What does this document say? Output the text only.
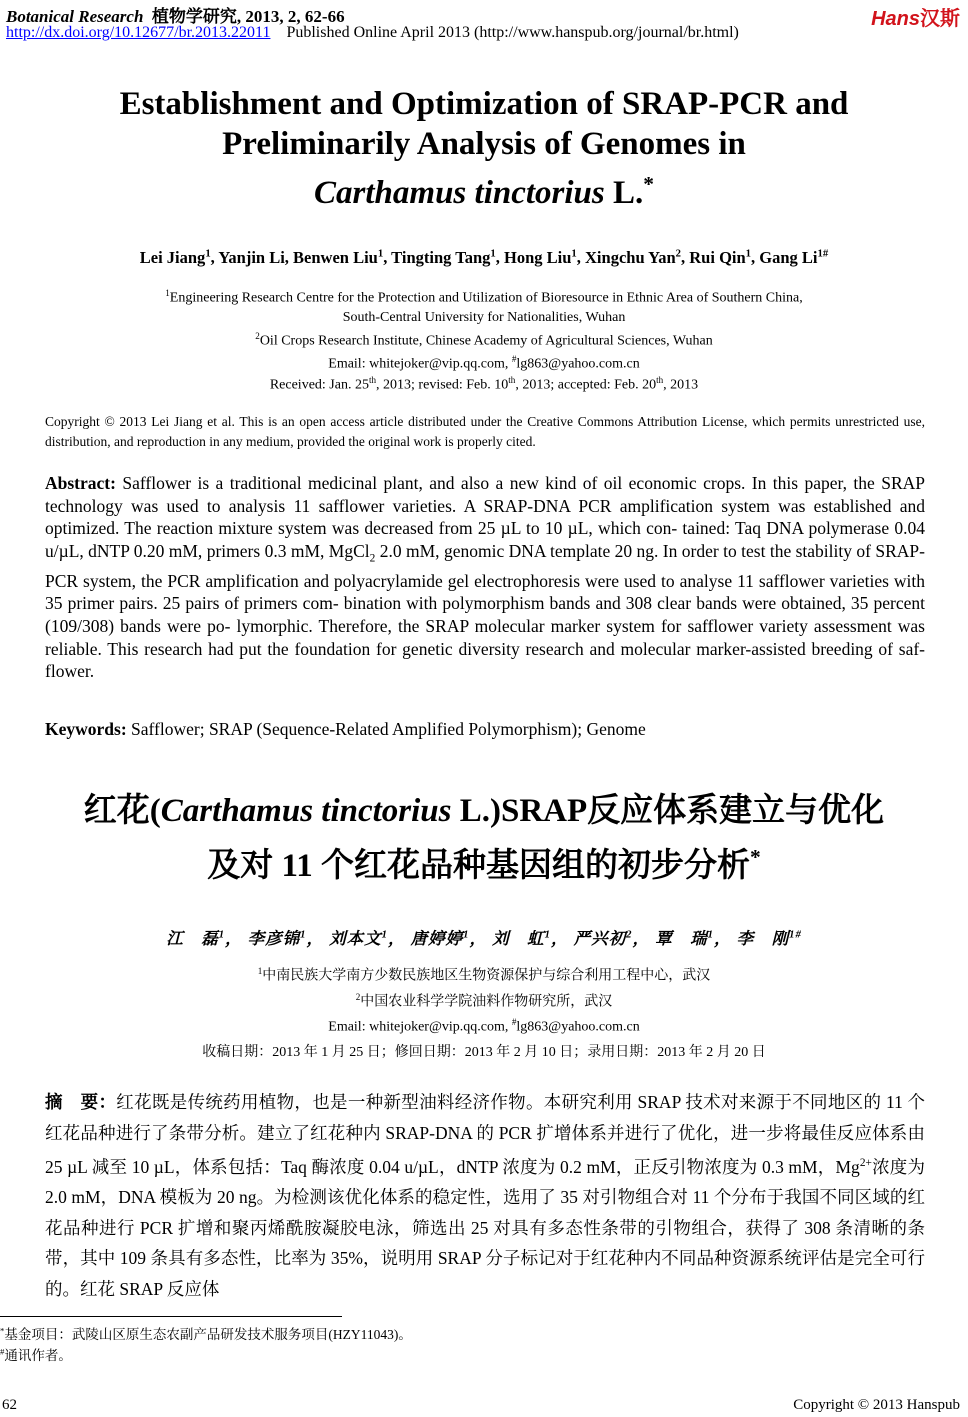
Botanical Research 植物学研究, 2013, 2, 62-66
http://dx.doi.org/10.12677/br.2013.22011 Published Online April 2013 (http://www.hanspub.org/journal/br.html)
Hans汉斯
Establishment and Optimization of SRAP-PCR and
Preliminarily Analysis of Genomes in
Carthamus tinctorius L.*
Lei Jiang$^1$, Yanjin Li, Benwen Liu$^1$, Tingting Tang$^1$, Hong Liu$^1$, Xingchu Yan$^2$, Rui Qin$^1$, Gang $Li^{1\#}$
$^1$Engineering Research Centre for the Protection and Utilization of Bioresource in Ethnic Area of Southern China,
South-Central University for Nationalities, Wuhan
$^2$Oil Crops Research Institute, Chinese Academy of Agricultural Sciences, Wuhan
Email: whitejoker@vip.qq.com, #lg863@yahoo.com.cn
Received: Jan. 25th, 2013; revised: Feb. 10th, 2013; accepted: Feb. 20th, 2013
Copyright © 2013 Lei Jiang et al. This is an open access article distributed under the Creative Commons Attribution License, which permits unrestricted use, distribution, and reproduction in any medium, provided the original work is properly cited.
Abstract: Safflower is a traditional medicinal plant, and also a new kind of oil economic crops. In this paper, the SRAP technology was used to analysis 11 safflower varieties. A SRAP-DNA PCR amplification system was established and optimized. The reaction mixture system was decreased from 25 µL to 10 µL, which con- tained: Taq DNA polymerase 0.04 u/µL, dNTP 0.20 mM, primers 0.3 mM, MgCl$_2$ 2.0 mM, genomic DNA template 20 ng. In order to test the stability of SRAP-PCR system, the PCR amplification and polyacrylamide gel electrophoresis were used to analyse 11 safflower varieties with 35 primer pairs. 25 pairs of primers com- bination with polymorphism bands and 308 clear bands were obtained, 35 percent (109/308) bands were po- lymorphic. Therefore, the SRAP molecular marker system for safflower variety assessment was reliable. This research had put the foundation for genetic diversity research and molecular marker-assisted breeding of saf- flower.
Keywords: Safflower; SRAP (Sequence-Related Amplified Polymorphism); Genome
红花(Carthamus tinctorius L.)SRAP反应体系建立与优化
及对 11 个红花品种基因组的初步分析*
江　磊$^1$， 李彦锦$^1$， 刘本文$^1$， 唐婷婷$^1$， 刘　虹$^1$， 严兴初$^2$， 覃　瑞$^1$， 李　刚$^{1\#}$
$^1$中南民族大学南方少数民族地区生物资源保护与综合利用工程中心，武汉
$^2$中国农业科学学院油料作物研究所，武汉
Email: whitejoker@vip.qq.com, #lg863@yahoo.com.cn
收稿日期：2013 年 1 月 25 日；修回日期：2013 年 2 月 10 日；录用日期：2013 年 2 月 20 日
摘　要：红花既是传统药用植物，也是一种新型油料经济作物。本研究利用 SRAP 技术对来源于不同地区的 11 个红花品种进行了条带分析。建立了红花种内 SRAP-DNA 的 PCR 扩增体系并进行了优化，进一步将最佳反应体系由 25 µL 减至 10 µL，体系包括：Taq 酶浓度 0.04 u/µL，dNTP 浓度为 0.2 mM，正反引物浓度为 0.3 mM，$Mg^{2+}$浓度为 2.0 mM，DNA 模板为 20 ng。为检测该优化体系的稳定性，选用了 35 对引物组合对 11 个分布于我国不同区域的红花品种进行 PCR 扩增和聚丙烯酰胺凝胶电泳，筛选出 25 对具有多态性条带的引物组合，获得了 308 条清晰的条带，其中 109 条具有多态性，比率为 35%，说明用 SRAP 分子标记对于红花种内不同品种资源系统评估是完全可行的。红花 SRAP 反应体
*基金项目：武陵山区原生态农副产品研发技术服务项目(HZY11043)。
#通讯作者。
62	Copyright © 2013 Hanspub
